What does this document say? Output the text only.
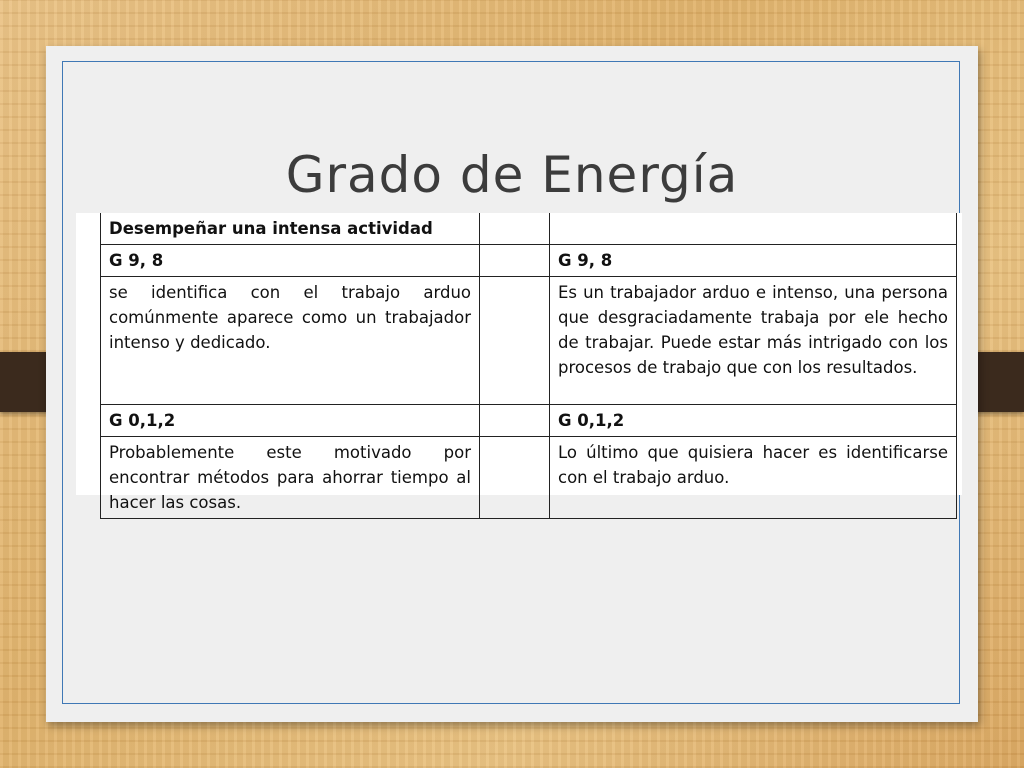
Grado de Energía
Desempeñar una intensa actividad		
G 9, 8		G 9, 8
se identifica con el trabajo arduo comúnmente aparece como un trabajador intenso y dedicado.		Es un trabajador arduo e intenso, una persona que desgraciadamente trabaja por ele hecho de trabajar. Puede estar más intrigado con los procesos de trabajo que con los resultados.
G 0,1,2		G 0,1,2
Probablemente este motivado por encontrar métodos para ahorrar tiempo al hacer las cosas.		Lo último que quisiera hacer es identificarse con el trabajo arduo.
